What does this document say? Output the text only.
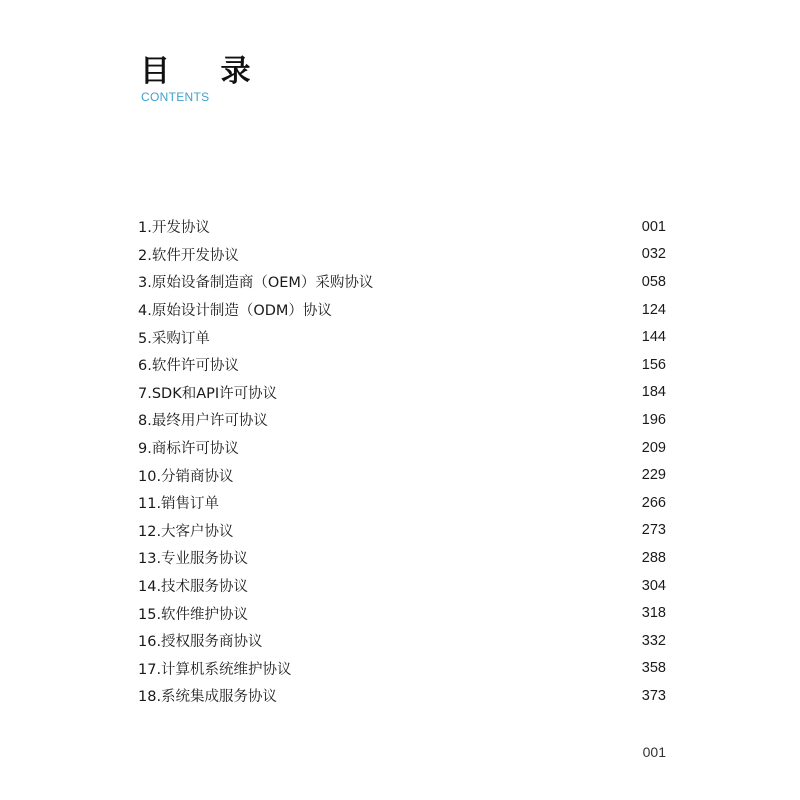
目 录
CONTENTS
1.开发协议	001
2.软件开发协议	032
3.原始设备制造商（OEM）采购协议	058
4.原始设计制造（ODM）协议	124
5.采购订单	144
6.软件许可协议	156
7.SDK和API许可协议	184
8.最终用户许可协议	196
9.商标许可协议	209
10.分销商协议	229
11.销售订单	266
12.大客户协议	273
13.专业服务协议	288
14.技术服务协议	304
15.软件维护协议	318
16.授权服务商协议	332
17.计算机系统维护协议	358
18.系统集成服务协议	373
001
